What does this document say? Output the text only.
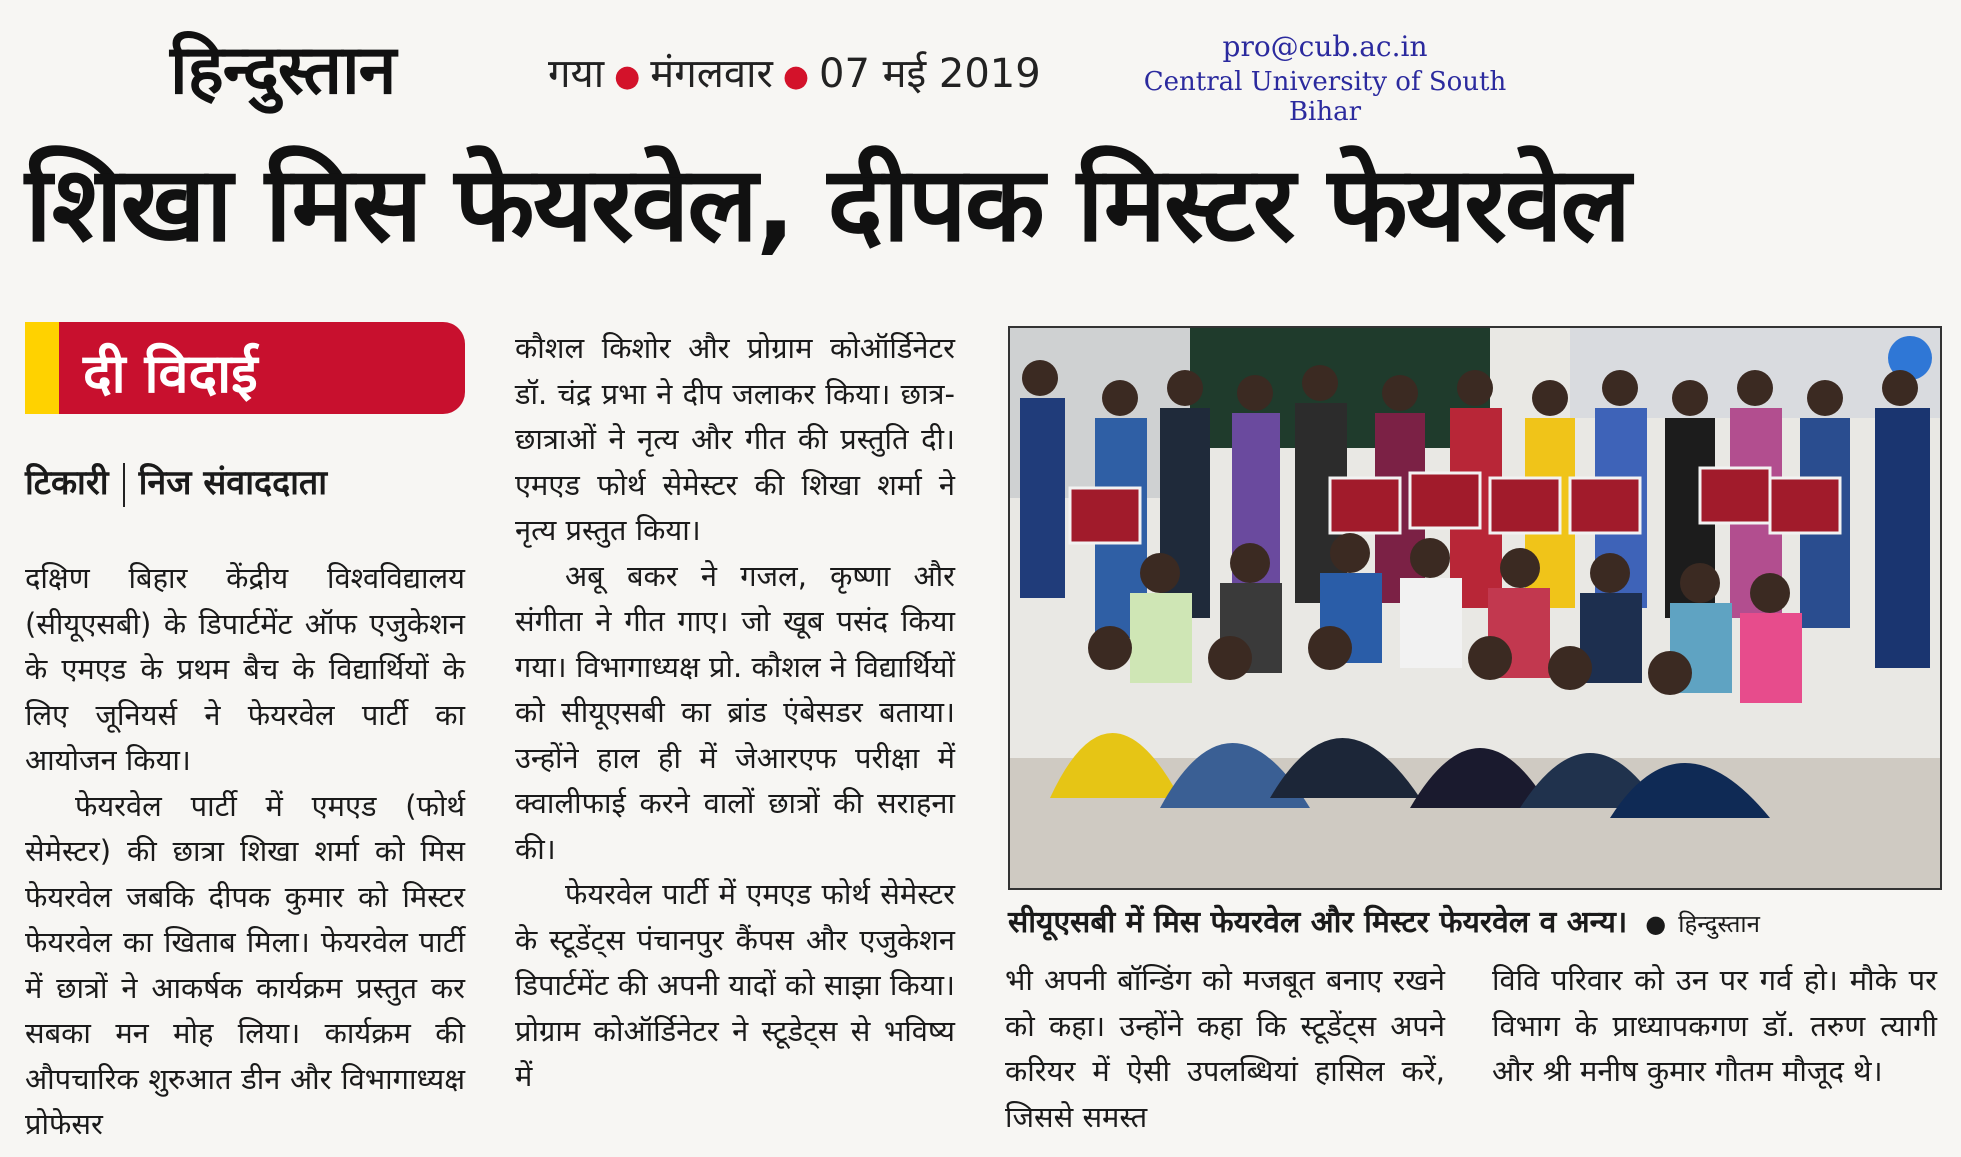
हिन्दुस्तान	गया ● मंगलवार ● 07 मई 2019
pro@cub.ac.in
Central University of South Bihar
शिखा मिस फेयरवेल, दीपक मिस्टर फेयरवेल
दी विदाई
टिकारी निज संवाददाता

दक्षिण बिहार केंद्रीय विश्वविद्यालय (सीयूएसबी) के डिपार्टमेंट ऑफ एजुकेशन के एमएड के प्रथम बैच के विद्यार्थियों के लिए जूनियर्स ने फेयरवेल पार्टी का आयोजन किया।

फेयरवेल पार्टी में एमएड (फोर्थ सेमेस्टर) की छात्रा शिखा शर्मा को मिस फेयरवेल जबकि दीपक कुमार को मिस्टर फेयरवेल का खिताब मिला। फेयरवेल पार्टी में छात्रों ने आकर्षक कार्यक्रम प्रस्तुत कर सबका मन मोह लिया। कार्यक्रम की औपचारिक शुरुआत डीन और विभागाध्यक्ष प्रोफेसर

कौशल किशोर और प्रोग्राम कोऑर्डिनेटर डॉ. चंद्र प्रभा ने दीप जलाकर किया। छात्र-छात्राओं ने नृत्य और गीत की प्रस्तुति दी। एमएड फोर्थ सेमेस्टर की शिखा शर्मा ने नृत्य प्रस्तुत किया।

अबू बकर ने गजल, कृष्णा और संगीता ने गीत गाए। जो खूब पसंद किया गया। विभागाध्यक्ष प्रो. कौशल ने विद्यार्थियों को सीयूएसबी का ब्रांड एंबेसडर बताया। उन्होंने हाल ही में जेआरएफ परीक्षा में क्वालीफाई करने वालों छात्रों की सराहना की।

फेयरवेल पार्टी में एमएड फोर्थ सेमेस्टर के स्टूडेंट्स पंचानपुर कैंपस और एजुकेशन डिपार्टमेंट की अपनी यादों को साझा किया। प्रोग्राम कोऑर्डिनेटर ने स्टूडेट्स से भविष्य में

सीयूएसबी में मिस फेयरवेल और मिस्टर फेयरवेल व अन्य। ● हिन्दुस्तान

भी अपनी बॉन्डिंग को मजबूत बनाए रखने को कहा। उन्होंने कहा कि स्टूडेंट्स अपने करियर में ऐसी उपलब्धियां हासिल करें, जिससे समस्त

विवि परिवार को उन पर गर्व हो। मौके पर विभाग के प्राध्यापकगण डॉ. तरुण त्यागी और श्री मनीष कुमार गौतम मौजूद थे।
